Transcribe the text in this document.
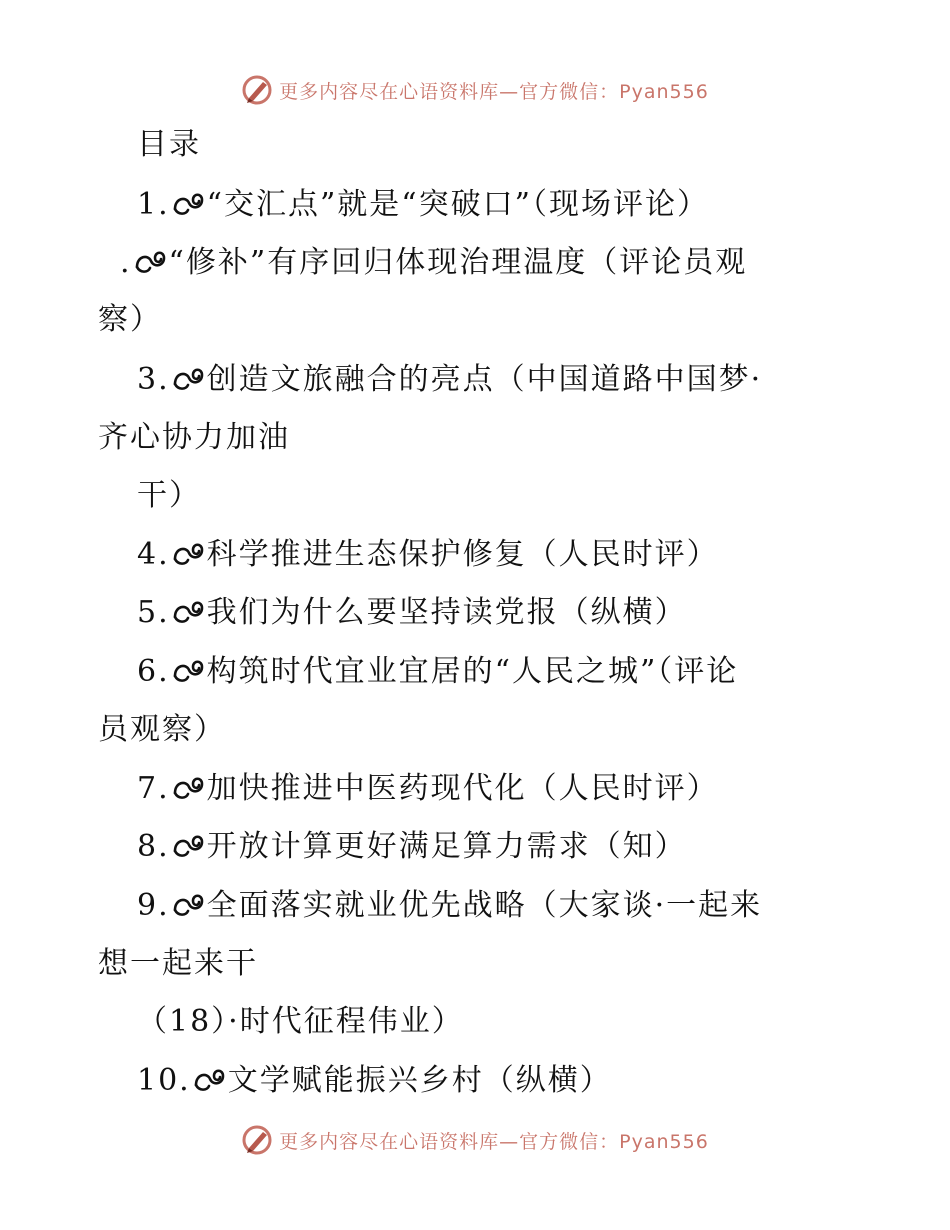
更多内容尽在心语资料库—官方微信：Pyan556
目录
1. “交汇点”就是“突破口”（现场评论）
. “修补”有序回归体现治理温度（评论员观
察）
3. 创造文旅融合的亮点（中国道路中国梦·
齐心协力加油
干）
4. 科学推进生态保护修复（人民时评）
5. 我们为什么要坚持读党报（纵横）
6. 构筑时代宜业宜居的“人民之城”（评论
员观察）
7. 加快推进中医药现代化（人民时评）
8. 开放计算更好满足算力需求（知）
9. 全面落实就业优先战略（大家谈·一起来
想一起来干
（18）·时代征程伟业）
10. 文学赋能振兴乡村（纵横）
更多内容尽在心语资料库—官方微信：Pyan556
